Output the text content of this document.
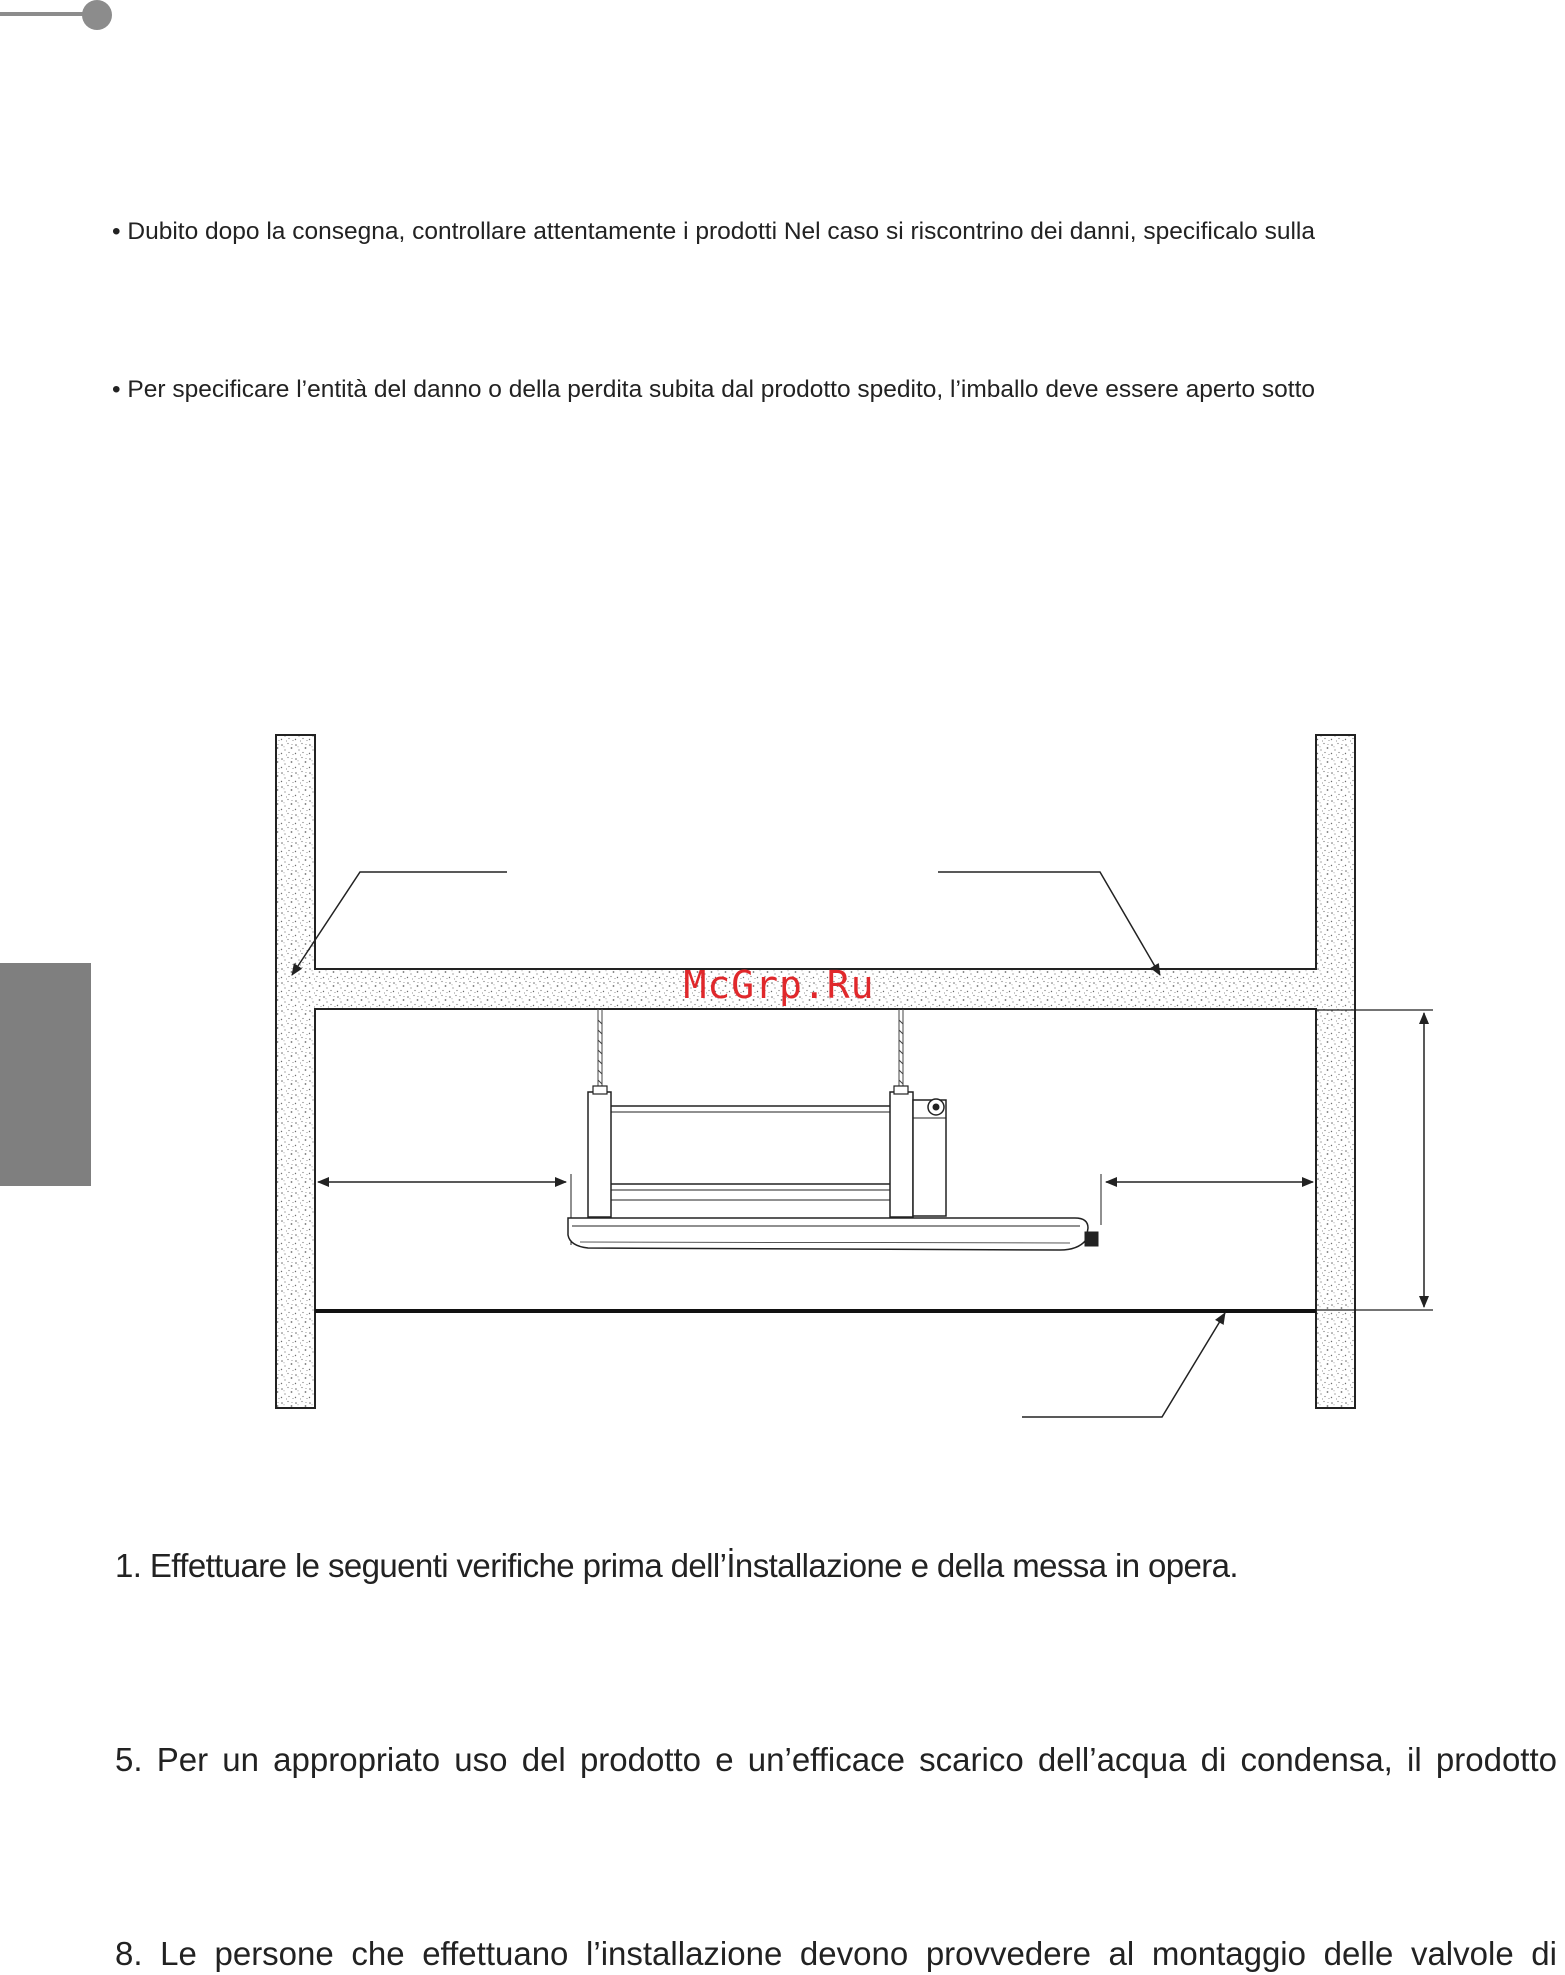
• Dubito dopo la consegna, controllare attentamente i prodotti Nel caso si riscontrino dei danni, specificalo sulla
• Per specificare l’entità del danno o della perdita subita dal prodotto spedito, l’imballo deve essere aperto sotto
McGrp.Ru
1. Effettuare le seguenti verifiche prima dell’İnstallazione e della messa in opera.
5. Per un appropriato uso del prodotto e un’efficace scarico dell’acqua di condensa, il prodotto
8. Le persone che effettuano l’installazione devono provvedere al montaggio delle valvole di
